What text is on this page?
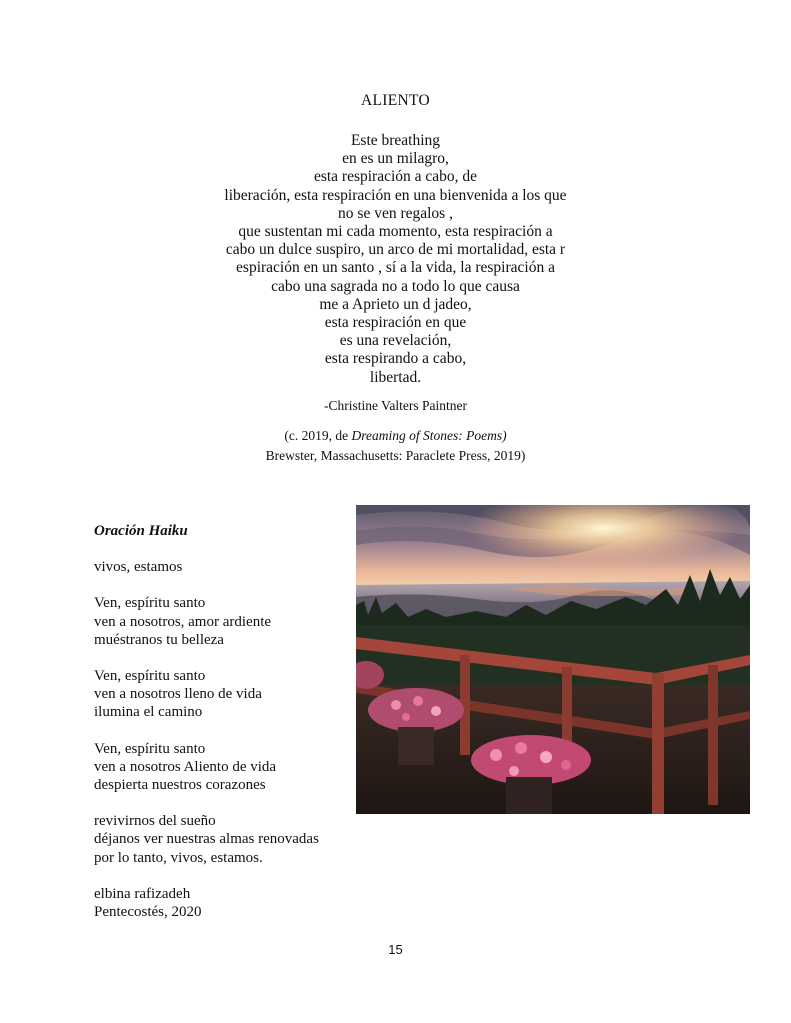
ALIENTO
Este breathing
en es un milagro,
esta respiración a cabo, de
liberación, esta respiración en una bienvenida a los que
no se ven regalos ,
que sustentan mi cada momento, esta respiración a
cabo un dulce suspiro, un arco de mi mortalidad, esta r
espiración en un santo , sí a la vida, la respiración a
cabo una sagrada no a todo lo que causa
me a Aprieto un d jadeo,
esta respiración en que
es una revelación,
esta respirando a cabo,
libertad.
-Christine Valters Paintner
(c. 2019, de Dreaming of Stones: Poems)
Brewster, Massachusetts: Paraclete Press, 2019)
Oración Haiku
vivos, estamos
Ven, espíritu santo
ven a nosotros, amor ardiente
muéstranos tu belleza
Ven, espíritu santo
ven a nosotros lleno de vida
ilumina el camino
Ven, espíritu santo
ven a nosotros Aliento de vida
despierta nuestros corazones
revivirnos del sueño
déjanos ver nuestras almas renovadas
por lo tanto, vivos, estamos.
elbina rafizadeh
Pentecostés, 2020
15
